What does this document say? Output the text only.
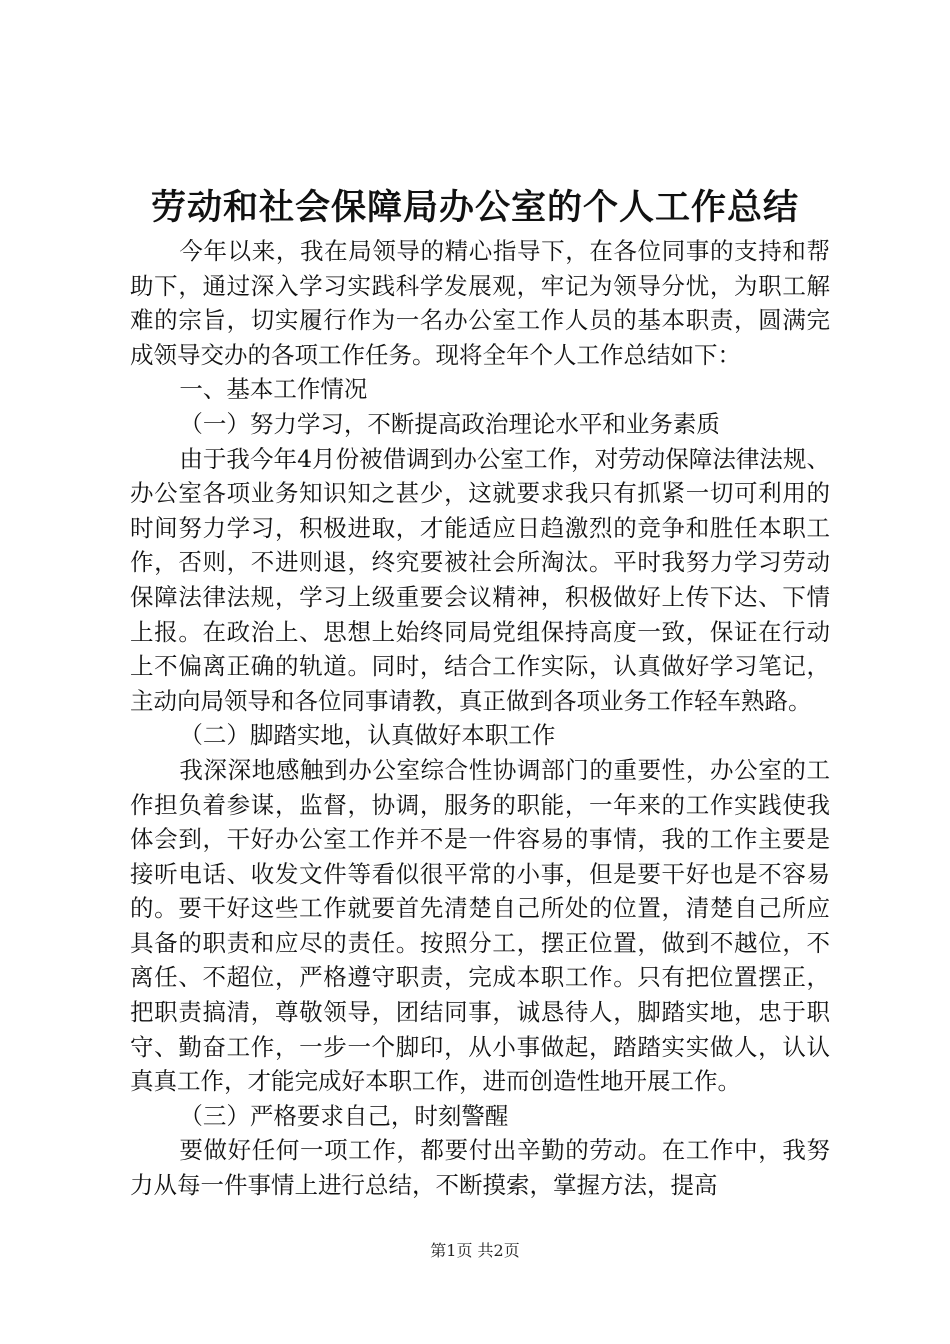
劳动和社会保障局办公室的个人工作总结

今年以来，我在局领导的精心指导下，在各位同事的支持和帮助下，通过深入学习实践科学发展观，牢记为领导分忧，为职工解难的宗旨，切实履行作为一名办公室工作人员的基本职责，圆满完成领导交办的各项工作任务。现将全年个人工作总结如下：

一、基本工作情况

（一）努力学习，不断提高政治理论水平和业务素质

由于我今年4月份被借调到办公室工作，对劳动保障法律法规、办公室各项业务知识知之甚少，这就要求我只有抓紧一切可利用的时间努力学习，积极进取，才能适应日趋激烈的竞争和胜任本职工作，否则，不进则退，终究要被社会所淘汰。平时我努力学习劳动保障法律法规，学习上级重要会议精神，积极做好上传下达、下情上报。在政治上、思想上始终同局党组保持高度一致，保证在行动上不偏离正确的轨道。同时，结合工作实际，认真做好学习笔记，主动向局领导和各位同事请教，真正做到各项业务工作轻车熟路。

（二）脚踏实地，认真做好本职工作

我深深地感触到办公室综合性协调部门的重要性，办公室的工作担负着参谋，监督，协调，服务的职能，一年来的工作实践使我体会到，干好办公室工作并不是一件容易的事情，我的工作主要是接听电话、收发文件等看似很平常的小事，但是要干好也是不容易的。要干好这些工作就要首先清楚自己所处的位置，清楚自己所应具备的职责和应尽的责任。按照分工，摆正位置，做到不越位，不离任、不超位，严格遵守职责，完成本职工作。只有把位置摆正，把职责搞清，尊敬领导，团结同事，诚恳待人，脚踏实地，忠于职守、勤奋工作，一步一个脚印，从小事做起，踏踏实实做人，认认真真工作，才能完成好本职工作，进而创造性地开展工作。

（三）严格要求自己，时刻警醒

要做好任何一项工作，都要付出辛勤的劳动。在工作中，我努力从每一件事情上进行总结，不断摸索，掌握方法，提高

第1页 共2页
